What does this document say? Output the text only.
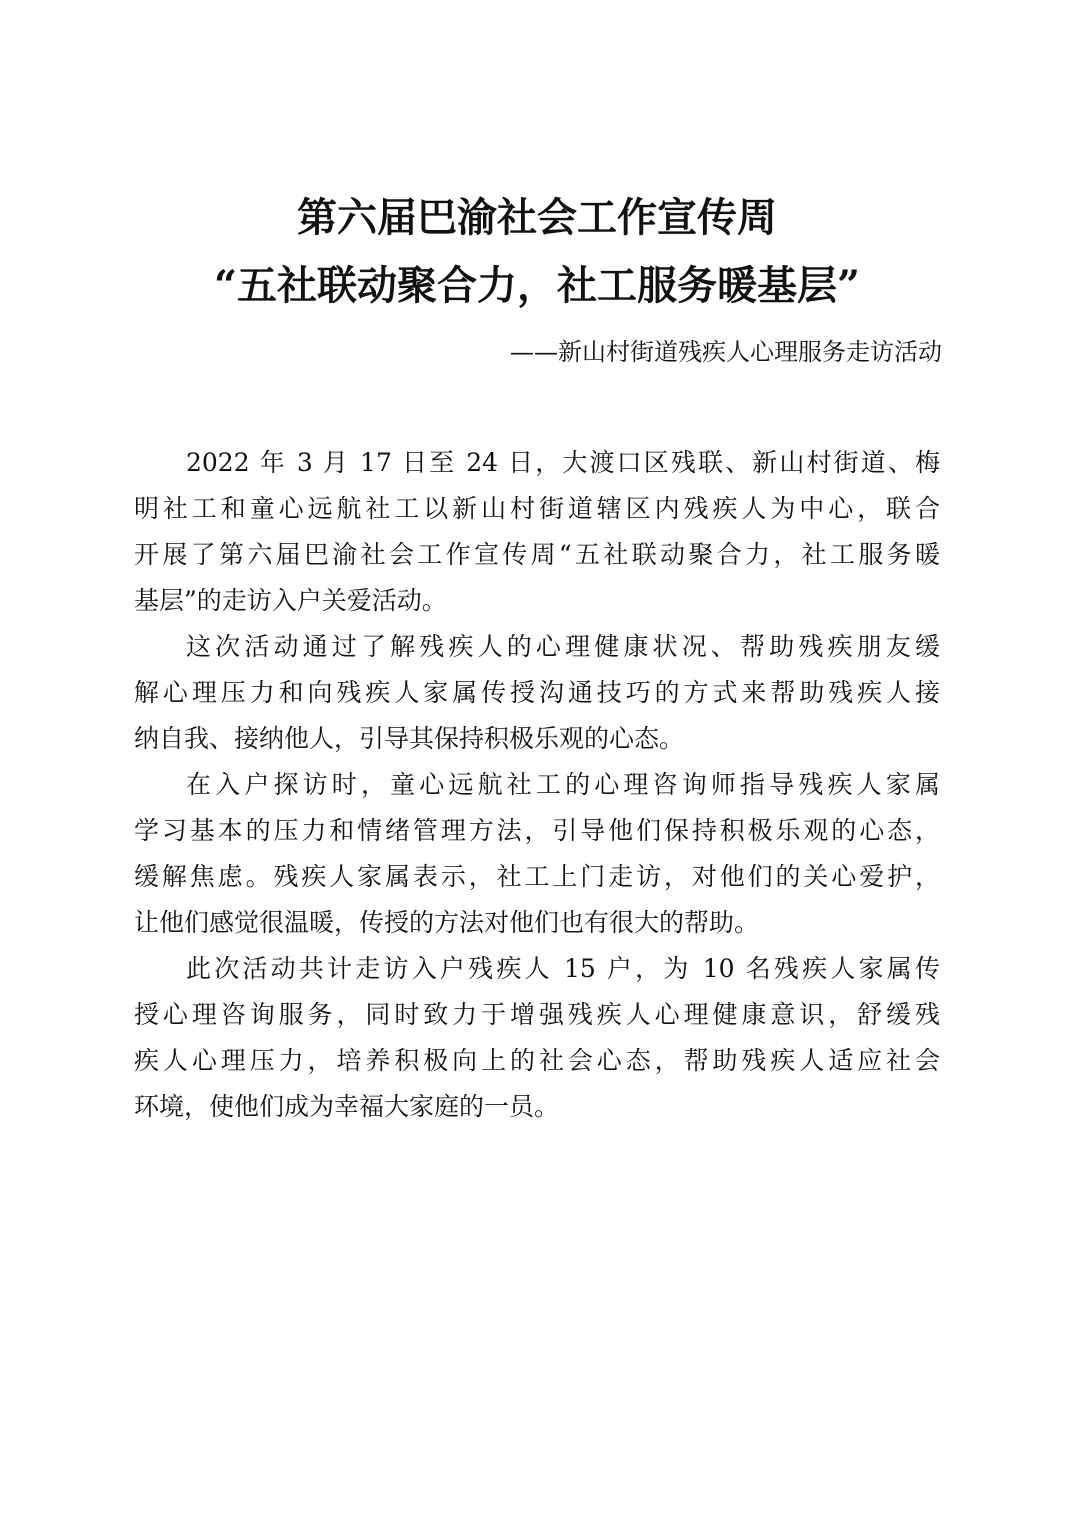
第六届巴渝社会工作宣传周
“五社联动聚合力，社工服务暖基层”
——新山村街道残疾人心理服务走访活动
2022 年 3 月 17 日至 24 日，大渡口区残联、新山村街道、梅
明社工和童心远航社工以新山村街道辖区内残疾人为中心，联合
开展了第六届巴渝社会工作宣传周“五社联动聚合力，社工服务暖
基层”的走访入户关爱活动。
这次活动通过了解残疾人的心理健康状况、帮助残疾朋友缓
解心理压力和向残疾人家属传授沟通技巧的方式来帮助残疾人接
纳自我、接纳他人，引导其保持积极乐观的心态。
在入户探访时，童心远航社工的心理咨询师指导残疾人家属
学习基本的压力和情绪管理方法，引导他们保持积极乐观的心态，
缓解焦虑。残疾人家属表示，社工上门走访，对他们的关心爱护，
让他们感觉很温暖，传授的方法对他们也有很大的帮助。
此次活动共计走访入户残疾人 15 户，为 10 名残疾人家属传
授心理咨询服务，同时致力于增强残疾人心理健康意识，舒缓残
疾人心理压力，培养积极向上的社会心态，帮助残疾人适应社会
环境，使他们成为幸福大家庭的一员。
